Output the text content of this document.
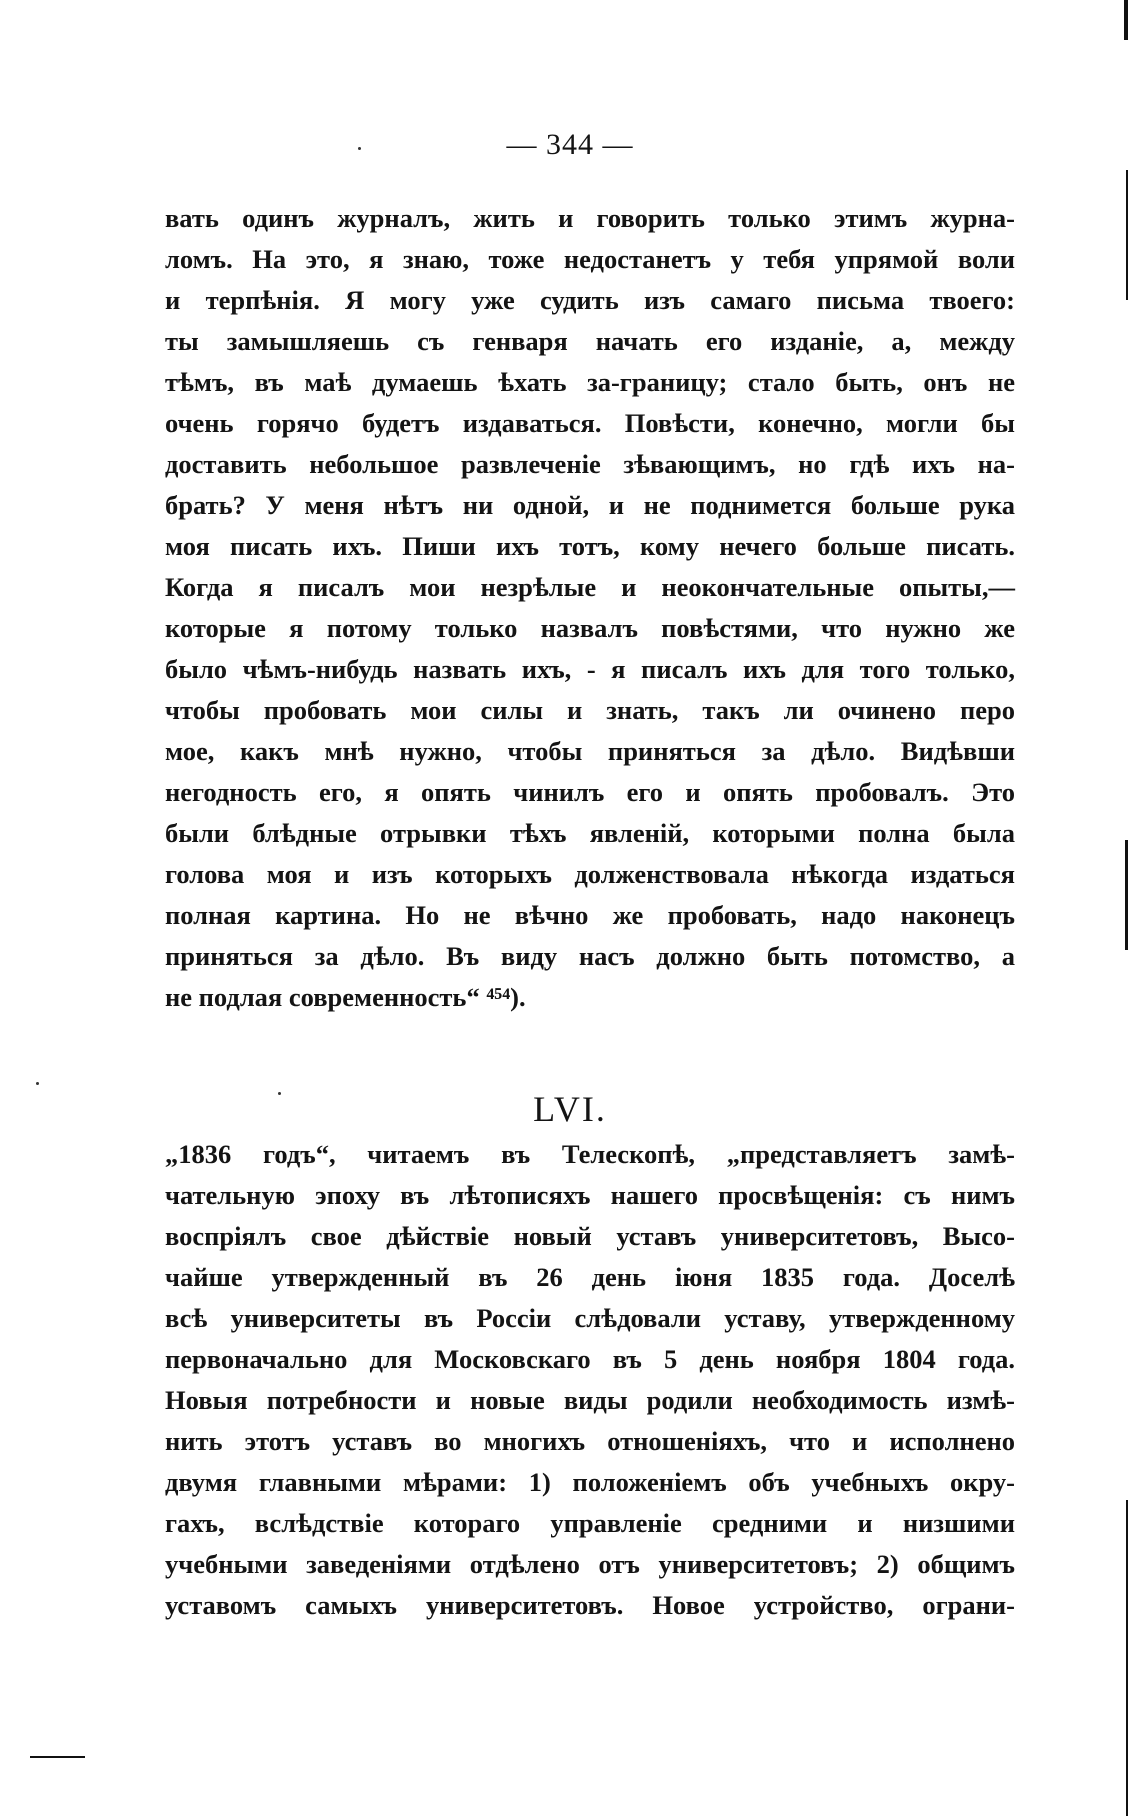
— 344 —
вать одинъ журналъ, жить и говорить только этимъ журна-
ломъ. На это, я знаю, тоже недостанетъ у тебя упрямой воли
и терпѣнія. Я могу уже судить изъ самаго письма твоего:
ты замышляешь съ генваря начать его изданіе, а, между
тѣмъ, въ маѣ думаешь ѣхать за-границу; стало быть, онъ не
очень горячо будетъ издаваться. Повѣсти, конечно, могли бы
доставить небольшое развлеченіе зѣвающимъ, но гдѣ ихъ на-
брать? У меня нѣтъ ни одной, и не поднимется больше рука
моя писать ихъ. Пиши ихъ тотъ, кому нечего больше писать.
Когда я писалъ мои незрѣлые и неокончательные опыты,—
которые я потому только назвалъ повѣстями, что нужно же
было чѣмъ-нибудь назвать ихъ, - я писалъ ихъ для того только,
чтобы пробовать мои силы и знать, такъ ли очинено перо
мое, какъ мнѣ нужно, чтобы приняться за дѣло. Видѣвши
негодность его, я опять чинилъ его и опять пробовалъ. Это
были блѣдные отрывки тѣхъ явленій, которыми полна была
голова моя и изъ которыхъ долженствовала нѣкогда издаться
полная картина. Но не вѣчно же пробовать, надо наконецъ
приняться за дѣло. Въ виду насъ должно быть потомство, а
не подлая современность“ ⁴⁵⁴).
LVI.
„1836 годъ“, читаемъ въ Телескопѣ, „представляетъ замѣ-
чательную эпоху въ лѣтописяхъ нашего просвѣщенія: съ нимъ
воспріялъ свое дѣйствіе новый уставъ университетовъ, Высо-
чайше утвержденный въ 26 день іюня 1835 года. Доселѣ
всѣ университеты въ Россіи слѣдовали уставу, утвержденному
первоначально для Московскаго въ 5 день ноября 1804 года.
Новыя потребности и новые виды родили необходимость измѣ-
нить этотъ уставъ во многихъ отношеніяхъ, что и исполнено
двумя главными мѣрами: 1) положеніемъ объ учебныхъ окру-
гахъ, вслѣдствіе котораго управленіе средними и низшими
учебными заведеніями отдѣлено отъ университетовъ; 2) общимъ
уставомъ самыхъ университетовъ. Новое устройство, ограни-
